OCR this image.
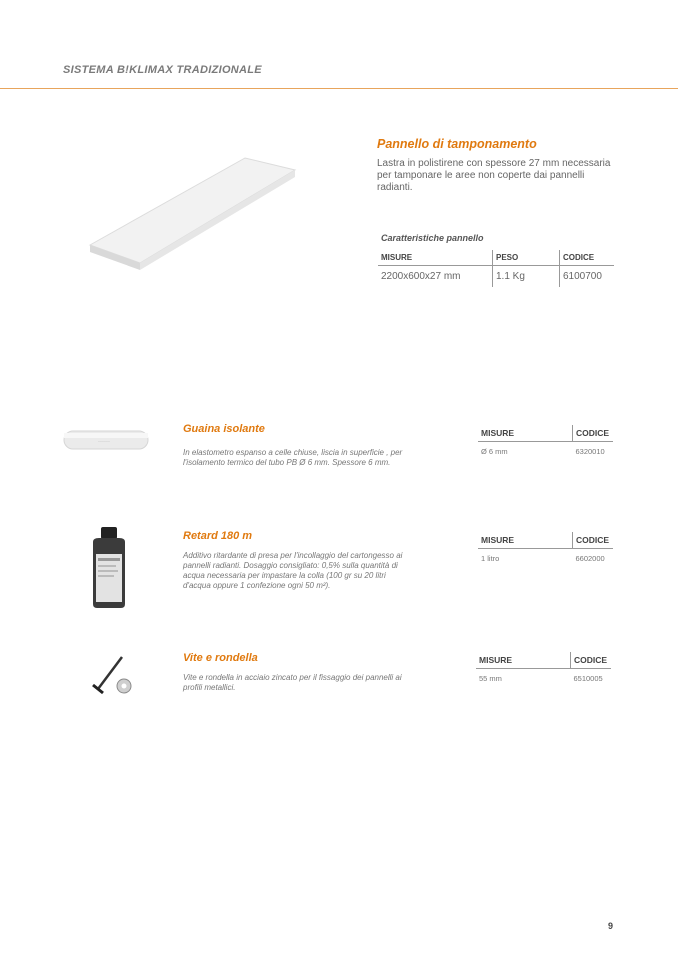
SISTEMA B!KLIMAX TRADIZIONALE
Pannello di tamponamento
Lastra in polistirene con spessore 27 mm necessaria per tamponare le aree non coperte dai pannelli radianti.
Caratteristiche pannello
MISURE	PESO	CODICE
2200x600x27 mm	1.1 Kg	6100700
······
Guaina isolante
In elastometro espanso a celle chiuse, liscia in superficie , per l'isolamento termico del tubo PB Ø 6 mm. Spessore 6 mm.
MISURE	CODICE
Ø 6 mm	6320010
Retard 180 m
Additivo ritardante di presa per l'incollaggio del cartongesso ai pannelli radianti. Dosaggio consigliato: 0,5% sulla quantità di acqua necessaria per impastare la colla (100 gr su 20 litri d'acqua oppure 1 confezione ogni 50 m²).
MISURE	CODICE
1 litro	6602000
Vite e rondella
Vite e rondella in acciaio zincato per il fissaggio dei pannelli ai profili metallici.
MISURE	CODICE
55 mm	6510005
9
